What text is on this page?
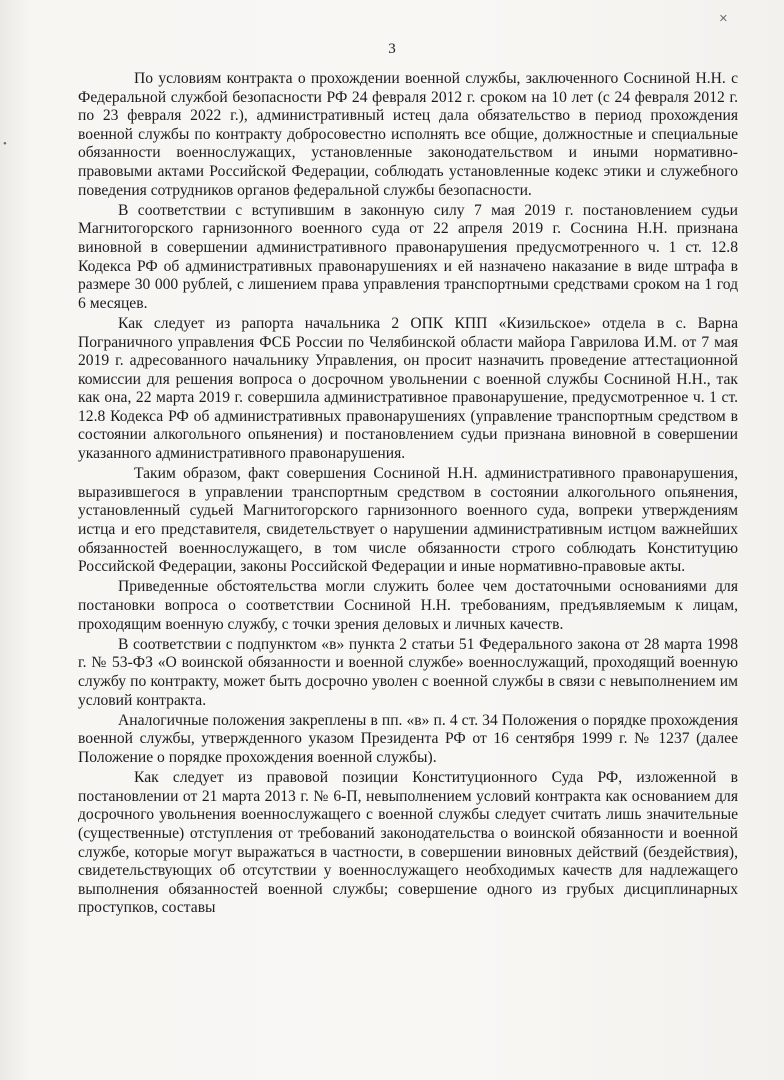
3

По условиям контракта о прохождении военной службы, заключенного Сосниной Н.Н. с Федеральной службой безопасности РФ 24 февраля 2012 г. сроком на 10 лет (с 24 февраля 2012 г. по 23 февраля 2022 г.), административный истец дала обязательство в период прохождения военной службы по контракту добросовестно исполнять все общие, должностные и специальные обязанности военнослужащих, установленные законодательством и иными нормативно-правовыми актами Российской Федерации, соблюдать установленные кодекс этики и служебного поведения сотрудников органов федеральной службы безопасности.

В соответствии с вступившим в законную силу 7 мая 2019 г. постановлением судьи Магнитогорского гарнизонного военного суда от 22 апреля 2019 г. Соснина Н.Н. признана виновной в совершении административного правонарушения предусмотренного ч. 1 ст. 12.8 Кодекса РФ об административных правонарушениях и ей назначено наказание в виде штрафа в размере 30 000 рублей, с лишением права управления транспортными средствами сроком на 1 год 6 месяцев.

Как следует из рапорта начальника 2 ОПК КПП «Кизильское» отдела в с. Варна Пограничного управления ФСБ России по Челябинской области майора Гаврилова И.М. от 7 мая 2019 г. адресованного начальнику Управления, он просит назначить проведение аттестационной комиссии для решения вопроса о досрочном увольнении с военной службы Сосниной Н.Н., так как она, 22 марта 2019 г. совершила административное правонарушение, предусмотренное ч. 1 ст. 12.8 Кодекса РФ об административных правонарушениях (управление транспортным средством в состоянии алкогольного опьянения) и постановлением судьи признана виновной в совершении указанного административного правонарушения.

Таким образом, факт совершения Сосниной Н.Н. административного правонарушения, выразившегося в управлении транспортным средством в состоянии алкогольного опьянения, установленный судьей Магнитогорского гарнизонного военного суда, вопреки утверждениям истца и его представителя, свидетельствует о нарушении административным истцом важнейших обязанностей военнослужащего, в том числе обязанности строго соблюдать Конституцию Российской Федерации, законы Российской Федерации и иные нормативно-правовые акты.

Приведенные обстоятельства могли служить более чем достаточными основаниями для постановки вопроса о соответствии Сосниной Н.Н. требованиям, предъявляемым к лицам, проходящим военную службу, с точки зрения деловых и личных качеств.

В соответствии с подпунктом «в» пункта 2 статьи 51 Федерального закона от 28 марта 1998 г. № 53-ФЗ «О воинской обязанности и военной службе» военнослужащий, проходящий военную службу по контракту, может быть досрочно уволен с военной службы в связи с невыполнением им условий контракта.

Аналогичные положения закреплены в пп. «в» п. 4 ст. 34 Положения о порядке прохождения военной службы, утвержденного указом Президента РФ от 16 сентября 1999 г. № 1237 (далее Положение о порядке прохождения военной службы).

Как следует из правовой позиции Конституционного Суда РФ, изложенной в постановлении от 21 марта 2013 г. № 6-П, невыполнением условий контракта как основанием для досрочного увольнения военнослужащего с военной службы следует считать лишь значительные (существенные) отступления от требований законодательства о воинской обязанности и военной службе, которые могут выражаться в частности, в совершении виновных действий (бездействия), свидетельствующих об отсутствии у военнослужащего необходимых качеств для надлежащего выполнения обязанностей военной службы; совершение одного из грубых дисциплинарных проступков, составы

✕
•
